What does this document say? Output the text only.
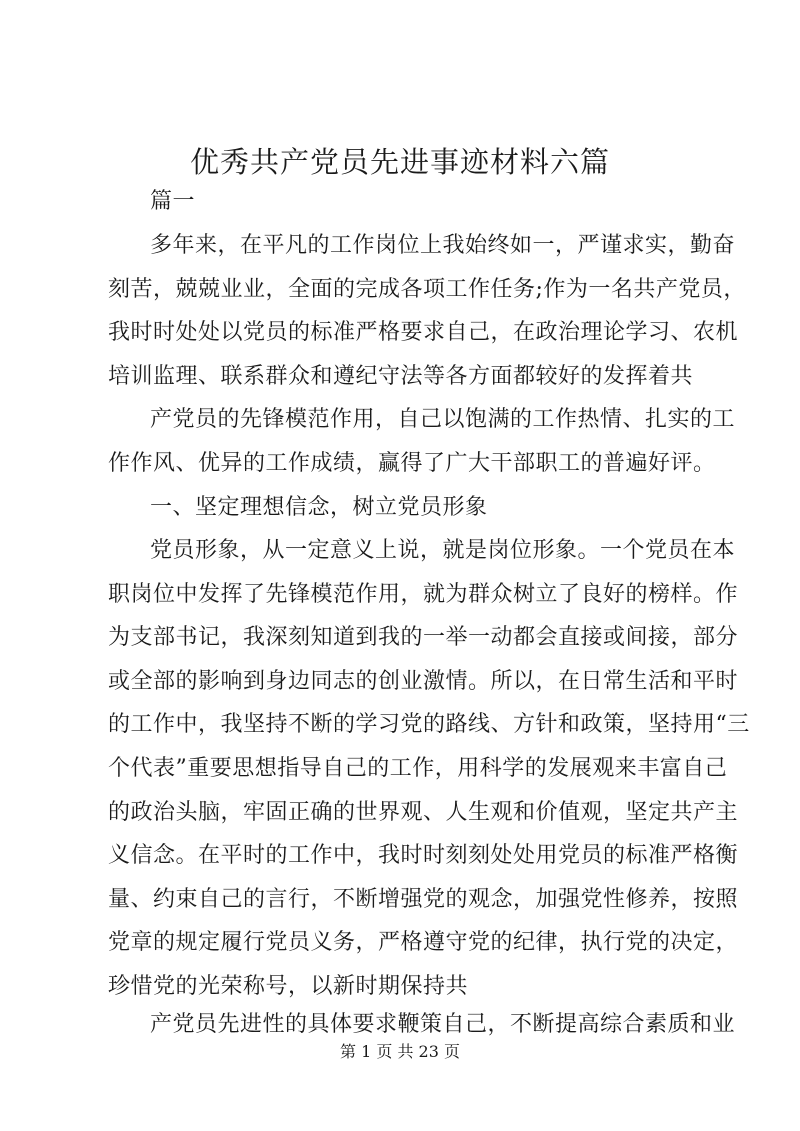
优秀共产党员先进事迹材料六篇
篇一
多年来，在平凡的工作岗位上我始终如一，严谨求实，勤奋
刻苦，兢兢业业，全面的完成各项工作任务;作为一名共产党员，
我时时处处以党员的标准严格要求自己，在政治理论学习、农机
培训监理、联系群众和遵纪守法等各方面都较好的发挥着共
产党员的先锋模范作用，自己以饱满的工作热情、扎实的工
作作风、优异的工作成绩，赢得了广大干部职工的普遍好评。
一、坚定理想信念，树立党员形象
党员形象，从一定意义上说，就是岗位形象。一个党员在本
职岗位中发挥了先锋模范作用，就为群众树立了良好的榜样。作
为支部书记，我深刻知道到我的一举一动都会直接或间接，部分
或全部的影响到身边同志的创业激情。所以，在日常生活和平时
的工作中，我坚持不断的学习党的路线、方针和政策，坚持用“三
个代表”重要思想指导自己的工作，用科学的发展观来丰富自己
的政治头脑，牢固正确的世界观、人生观和价值观，坚定共产主
义信念。在平时的工作中，我时时刻刻处处用党员的标准严格衡
量、约束自己的言行，不断增强党的观念，加强党性修养，按照
党章的规定履行党员义务，严格遵守党的纪律，执行党的决定，
珍惜党的光荣称号，以新时期保持共
第 1 页 共 23 页
产党员先进性的具体要求鞭策自己，不断提高综合素质和业
